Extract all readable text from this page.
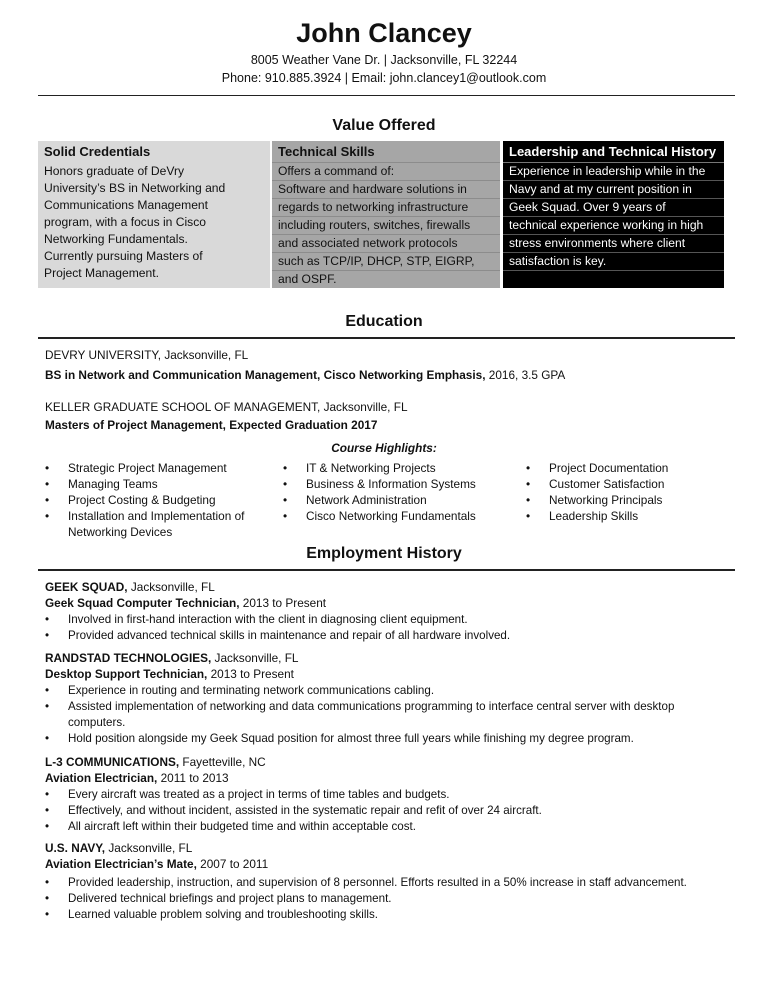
John Clancey
8005 Weather Vane Dr. | Jacksonville, FL 32244
Phone: 910.885.3924 | Email: john.clancey1@outlook.com
Value Offered
Solid Credentials
Honors graduate of DeVry
University’s BS in Networking and
Communications Management
program, with a focus in Cisco
Networking Fundamentals.
Currently pursuing Masters of
Project Management.
Technical Skills
Offers a command of:
Software and hardware solutions in
regards to networking infrastructure
including routers, switches, firewalls
and associated network protocols
such as TCP/IP, DHCP, STP, EIGRP,
and OSPF.
Leadership and Technical History
Experience in leadership while in the
Navy and at my current position in
Geek Squad. Over 9 years of
technical experience working in high
stress environments where client
satisfaction is key.
Education
DEVRY UNIVERSITY, Jacksonville, FL
BS in Network and Communication Management, Cisco Networking Emphasis, 2016, 3.5 GPA
KELLER GRADUATE SCHOOL OF MANAGEMENT, Jacksonville, FL
Masters of Project Management, Expected Graduation 2017
Course Highlights:
• Strategic Project Management
• Managing Teams
• Project Costing & Budgeting
• Installation and Implementation of
Networking Devices
• IT & Networking Projects
• Business & Information Systems
• Network Administration
• Cisco Networking Fundamentals
• Project Documentation
• Customer Satisfaction
• Networking Principals
• Leadership Skills
Employment History
GEEK SQUAD, Jacksonville, FL
Geek Squad Computer Technician, 2013 to Present
• Involved in first-hand interaction with the client in diagnosing client equipment.
• Provided advanced technical skills in maintenance and repair of all hardware involved.
RANDSTAD TECHNOLOGIES, Jacksonville, FL
Desktop Support Technician, 2013 to Present
• Experience in routing and terminating network communications cabling.
• Assisted implementation of networking and data communications programming to interface central server with desktop computers.
• Hold position alongside my Geek Squad position for almost three full years while finishing my degree program.
L-3 COMMUNICATIONS, Fayetteville, NC
Aviation Electrician, 2011 to 2013
• Every aircraft was treated as a project in terms of time tables and budgets.
• Effectively, and without incident, assisted in the systematic repair and refit of over 24 aircraft.
• All aircraft left within their budgeted time and within acceptable cost.
U.S. NAVY, Jacksonville, FL
Aviation Electrician’s Mate, 2007 to 2011
• Provided leadership, instruction, and supervision of 8 personnel. Efforts resulted in a 50% increase in staff advancement.
• Delivered technical briefings and project plans to management.
• Learned valuable problem solving and troubleshooting skills.
